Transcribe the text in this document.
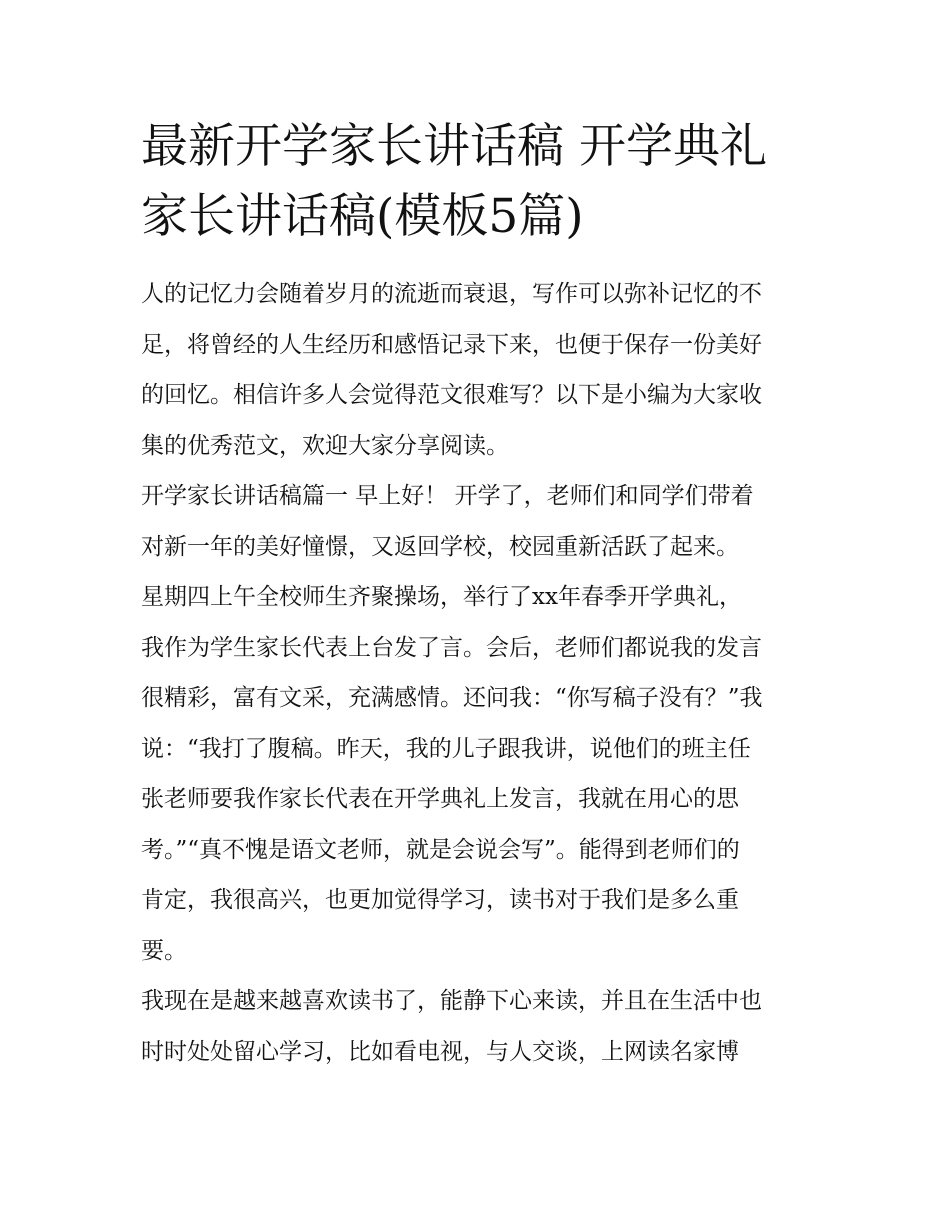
最新开学家长讲话稿 开学典礼
家长讲话稿(模板5篇)

人的记忆力会随着岁月的流逝而衰退，写作可以弥补记忆的不
足，将曾经的人生经历和感悟记录下来，也便于保存一份美好
的回忆。相信许多人会觉得范文很难写？以下是小编为大家收
集的优秀范文，欢迎大家分享阅读。

开学家长讲话稿篇一 早上好！ 开学了，老师们和同学们带着
对新一年的美好憧憬，又返回学校，校园重新活跃了起来。

星期四上午全校师生齐聚操场，举行了xx年春季开学典礼，
我作为学生家长代表上台发了言。会后，老师们都说我的发言
很精彩，富有文采，充满感情。还问我：“你写稿子没有？”我
说：“我打了腹稿。昨天，我的儿子跟我讲，说他们的班主任
张老师要我作家长代表在开学典礼上发言，我就在用心的思
考。”“真不愧是语文老师，就是会说会写”。能得到老师们的
肯定，我很高兴，也更加觉得学习，读书对于我们是多么重
要。

我现在是越来越喜欢读书了，能静下心来读，并且在生活中也
时时处处留心学习，比如看电视，与人交谈，上网读名家博
